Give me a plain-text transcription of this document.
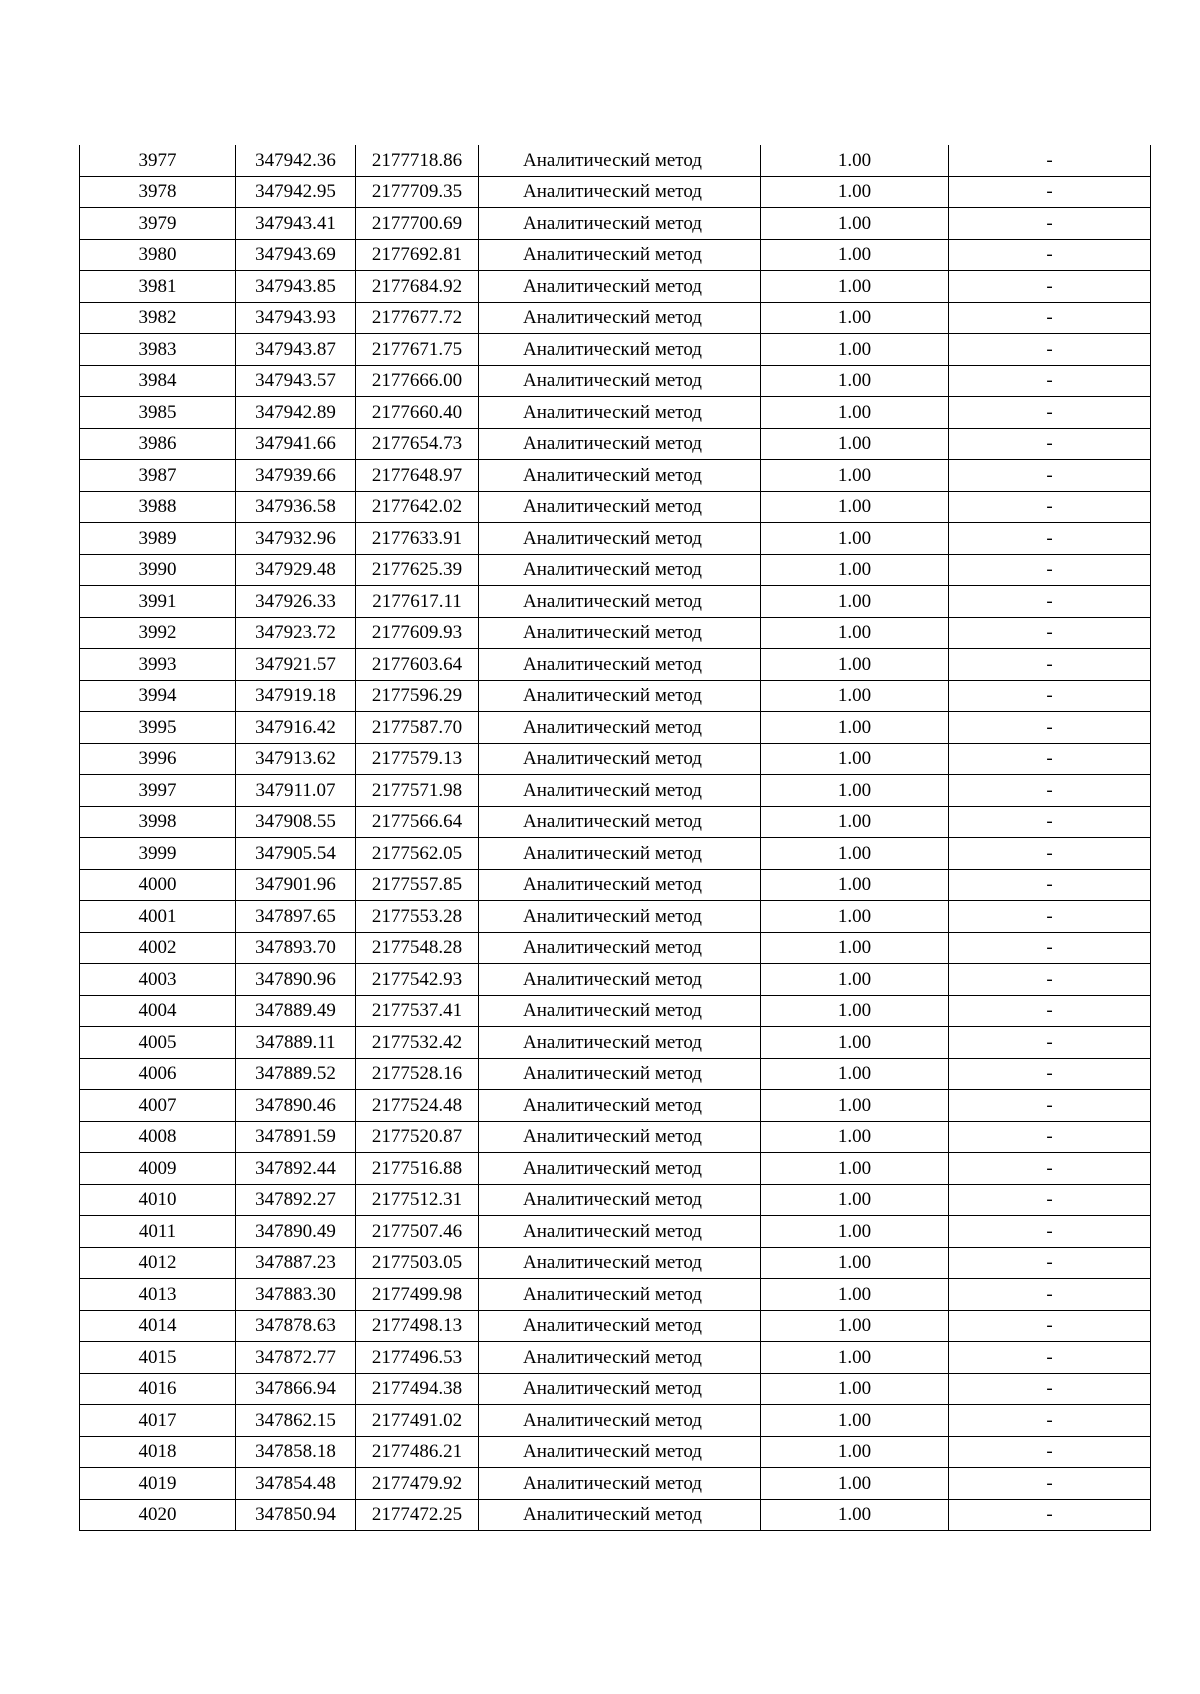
3977	347942.36	2177718.86	Аналитический метод	1.00	-
3978	347942.95	2177709.35	Аналитический метод	1.00	-
3979	347943.41	2177700.69	Аналитический метод	1.00	-
3980	347943.69	2177692.81	Аналитический метод	1.00	-
3981	347943.85	2177684.92	Аналитический метод	1.00	-
3982	347943.93	2177677.72	Аналитический метод	1.00	-
3983	347943.87	2177671.75	Аналитический метод	1.00	-
3984	347943.57	2177666.00	Аналитический метод	1.00	-
3985	347942.89	2177660.40	Аналитический метод	1.00	-
3986	347941.66	2177654.73	Аналитический метод	1.00	-
3987	347939.66	2177648.97	Аналитический метод	1.00	-
3988	347936.58	2177642.02	Аналитический метод	1.00	-
3989	347932.96	2177633.91	Аналитический метод	1.00	-
3990	347929.48	2177625.39	Аналитический метод	1.00	-
3991	347926.33	2177617.11	Аналитический метод	1.00	-
3992	347923.72	2177609.93	Аналитический метод	1.00	-
3993	347921.57	2177603.64	Аналитический метод	1.00	-
3994	347919.18	2177596.29	Аналитический метод	1.00	-
3995	347916.42	2177587.70	Аналитический метод	1.00	-
3996	347913.62	2177579.13	Аналитический метод	1.00	-
3997	347911.07	2177571.98	Аналитический метод	1.00	-
3998	347908.55	2177566.64	Аналитический метод	1.00	-
3999	347905.54	2177562.05	Аналитический метод	1.00	-
4000	347901.96	2177557.85	Аналитический метод	1.00	-
4001	347897.65	2177553.28	Аналитический метод	1.00	-
4002	347893.70	2177548.28	Аналитический метод	1.00	-
4003	347890.96	2177542.93	Аналитический метод	1.00	-
4004	347889.49	2177537.41	Аналитический метод	1.00	-
4005	347889.11	2177532.42	Аналитический метод	1.00	-
4006	347889.52	2177528.16	Аналитический метод	1.00	-
4007	347890.46	2177524.48	Аналитический метод	1.00	-
4008	347891.59	2177520.87	Аналитический метод	1.00	-
4009	347892.44	2177516.88	Аналитический метод	1.00	-
4010	347892.27	2177512.31	Аналитический метод	1.00	-
4011	347890.49	2177507.46	Аналитический метод	1.00	-
4012	347887.23	2177503.05	Аналитический метод	1.00	-
4013	347883.30	2177499.98	Аналитический метод	1.00	-
4014	347878.63	2177498.13	Аналитический метод	1.00	-
4015	347872.77	2177496.53	Аналитический метод	1.00	-
4016	347866.94	2177494.38	Аналитический метод	1.00	-
4017	347862.15	2177491.02	Аналитический метод	1.00	-
4018	347858.18	2177486.21	Аналитический метод	1.00	-
4019	347854.48	2177479.92	Аналитический метод	1.00	-
4020	347850.94	2177472.25	Аналитический метод	1.00	-
